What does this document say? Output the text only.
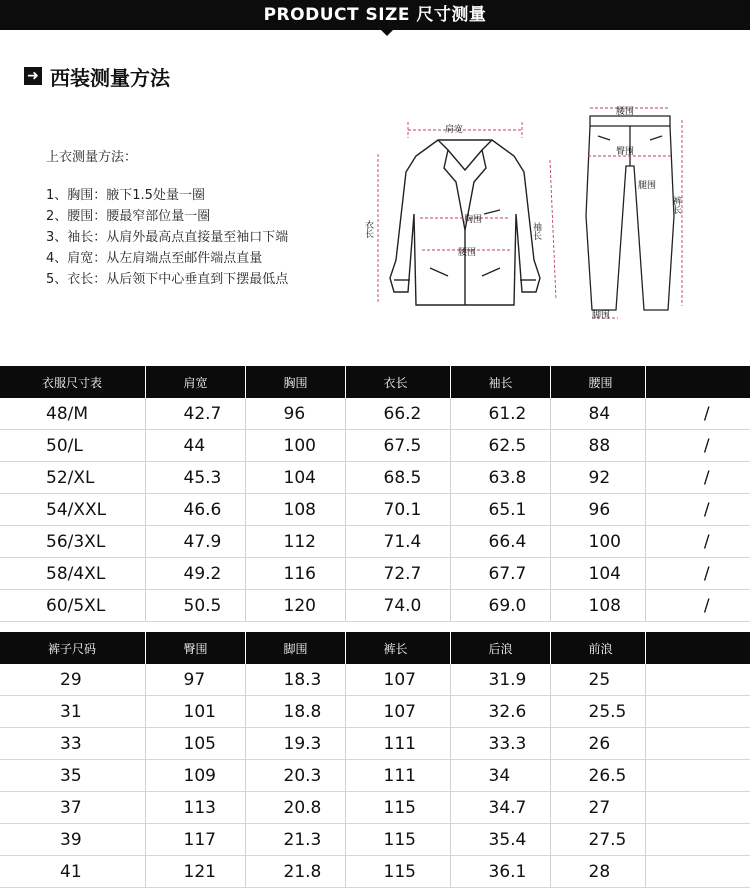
PRODUCT SIZE 尺寸测量
➜ 西装测量方法
上衣测量方法：
1、胸围：腋下1.5处量一圈
2、腰围：腰最窄部位量一圈
3、袖长：从肩外最高点直接量至袖口下端
4、肩宽：从左肩端点至邮件端点直量
5、衣长：从后领下中心垂直到下摆最低点
肩宽
衣长	胸围
腰围
袖长
腰围
臀围
腿围
裤长
脚围
衣服尺寸表	肩宽	胸围	衣长	袖长	腰围	
48/M	42.7	96	66.2	61.2	84	/
50/L	44	100	67.5	62.5	88	/
52/XL	45.3	104	68.5	63.8	92	/
54/XXL	46.6	108	70.1	65.1	96	/
56/3XL	47.9	112	71.4	66.4	100	/
58/4XL	49.2	116	72.7	67.7	104	/
60/5XL	50.5	120	74.0	69.0	108	/
裤子尺码	臀围	脚围	裤长	后浪	前浪	
29	97	18.3	107	31.9	25	
31	101	18.8	107	32.6	25.5	
33	105	19.3	111	33.3	26	
35	109	20.3	111	34	26.5	
37	113	20.8	115	34.7	27	
39	117	21.3	115	35.4	27.5	
41	121	21.8	115	36.1	28	
